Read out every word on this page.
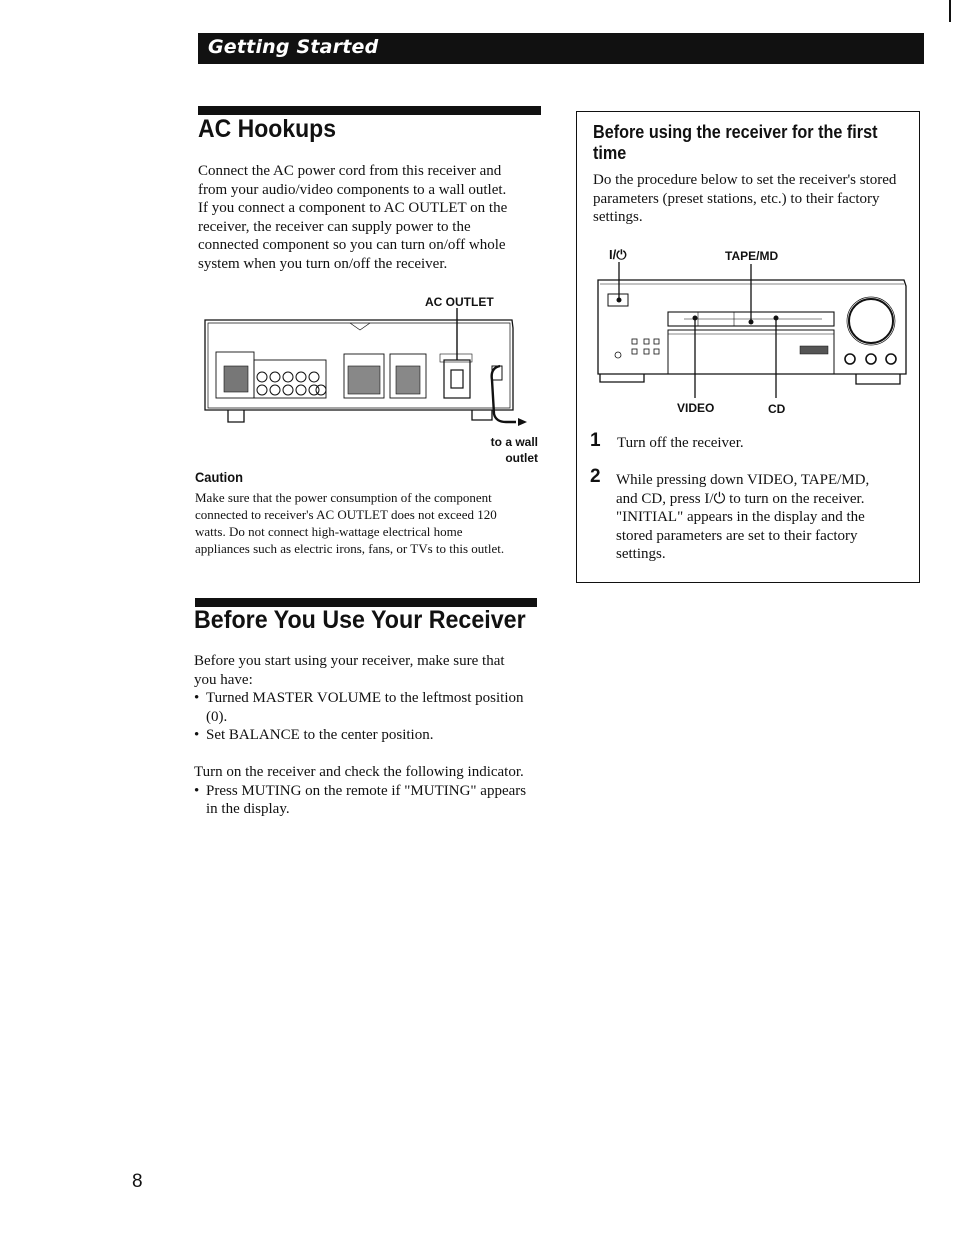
Getting Started
AC Hookups
Connect the AC power cord from this receiver and
from your audio/video components to a wall outlet.
If you connect a component to AC OUTLET on the
receiver, the receiver can supply power to the
connected component so you can turn on/off whole
system when you turn on/off the receiver.
AC OUTLET
to a wall
outlet
Caution
Make sure that the power consumption of the component
connected to receiver's AC OUTLET does not exceed 120
watts. Do not connect high-wattage electrical home
appliances such as electric irons, fans, or TVs to this outlet.
Before You Use Your Receiver
Before you start using your receiver, make sure that
you have:
• Turned MASTER VOLUME to the leftmost position
(0).
• Set BALANCE to the center position.
Turn on the receiver and check the following indicator.
• Press MUTING on the remote if "MUTING" appears
in the display.
Before using the receiver for the first
time
Do the procedure below to set the receiver's stored
parameters (preset stations, etc.) to their factory
settings.
I/⏻	TAPE/MD
VIDEO	CD
1 Turn off the receiver.
2 While pressing down VIDEO, TAPE/MD,
and CD, press I/⏻ to turn on the receiver.
"INITIAL" appears in the display and the
stored parameters are set to their factory
settings.
8
